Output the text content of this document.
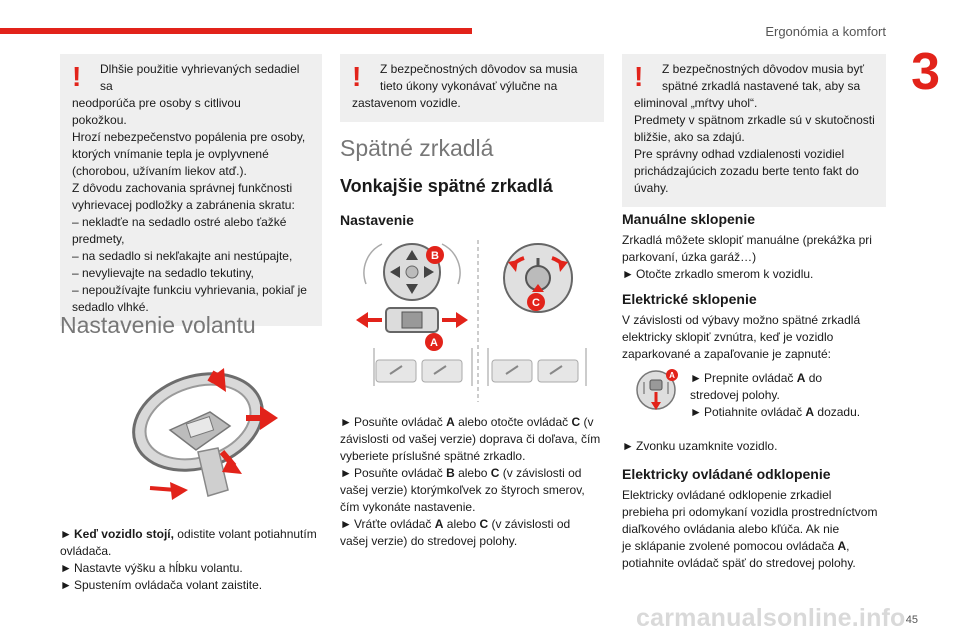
Ergonómia a komfort
3
!	Dlhšie použitie vyhrievaných sedadiel sa

neodporúča pre osoby s citlivou

pokožkou.

Hrozí nebezpečenstvo popálenia pre osoby,

ktorých vnímanie tepla je ovplyvnené

(chorobou, užívaním liekov atď.).

Z dôvodu zachovania správnej funkčnosti

vyhrievacej podložky a zabránenia skratu:

– nekladťe na sedadlo ostré alebo ťažké

predmety,

– na sedadlo si nekľakajte ani nestúpajte,

– nevylievajte na sedadlo tekutiny,

– nepoužívajte funkciu vyhrievania, pokiaľ je

sedadlo vlhké.

Nastavenie volantu

► Keď vozidlo stojí, odistite volant potiahnutím

ovládača.

► Nastavte výšku a hĺbku volantu.

► Spustením ovládača volant zaistite.

!	Z bezpečnostných dôvodov sa musia

tieto úkony vykonávať výlučne na

zastavenom vozidle.

Spätné zrkadlá
Vonkajšie spätné zrkadlá
Nastavenie
B
A
C

► Posuňte ovládač A alebo otočte ovládač C (v

závislosti od vašej verzie) doprava či doľava, čím

vyberiete príslušné spätné zrkadlo.

► Posuňte ovládač B alebo C (v závislosti od

vašej verzie) ktorýmkoľvek zo štyroch smerov,

čím vykonáte nastavenie.

► Vráťte ovládač A alebo C (v závislosti od

vašej verzie) do stredovej polohy.

!	Z bezpečnostných dôvodov musia byť

spätné zrkadlá nastavené tak, aby sa

eliminoval „mŕtvy uhol“.

Predmety v spätnom zrkadle sú v skutočnosti

bližšie, ako sa zdajú.

Pre správny odhad vzdialenosti vozidiel

prichádzajúcich zozadu berte tento fakt do

úvahy.

Manuálne sklopenie

Zrkadlá môžete sklopiť manuálne (prekážka pri

parkovaní, úzka garáž…)

► Otočte zrkadlo smerom k vozidlu.

Elektrické sklopenie

V závislosti od výbavy možno spätné zrkadlá

elektricky sklopiť zvnútra, keď je vozidlo

zaparkované a zapaľovanie je zapnuté:

A ► Prepnite ovládač A do

stredovej polohy.

► Potiahnite ovládač A dozadu.

► Zvonku uzamknite vozidlo.

Elektricky ovládané odklopenie

Elektricky ovládané odklopenie zrkadiel

prebieha pri odomykaní vozidla prostredníctvom

diaľkového ovládania alebo kľúča. Ak nie

je sklápanie zvolené pomocou ovládača A,

potiahnite ovládač späť do stredovej polohy.

carmanualsonline.info 45
